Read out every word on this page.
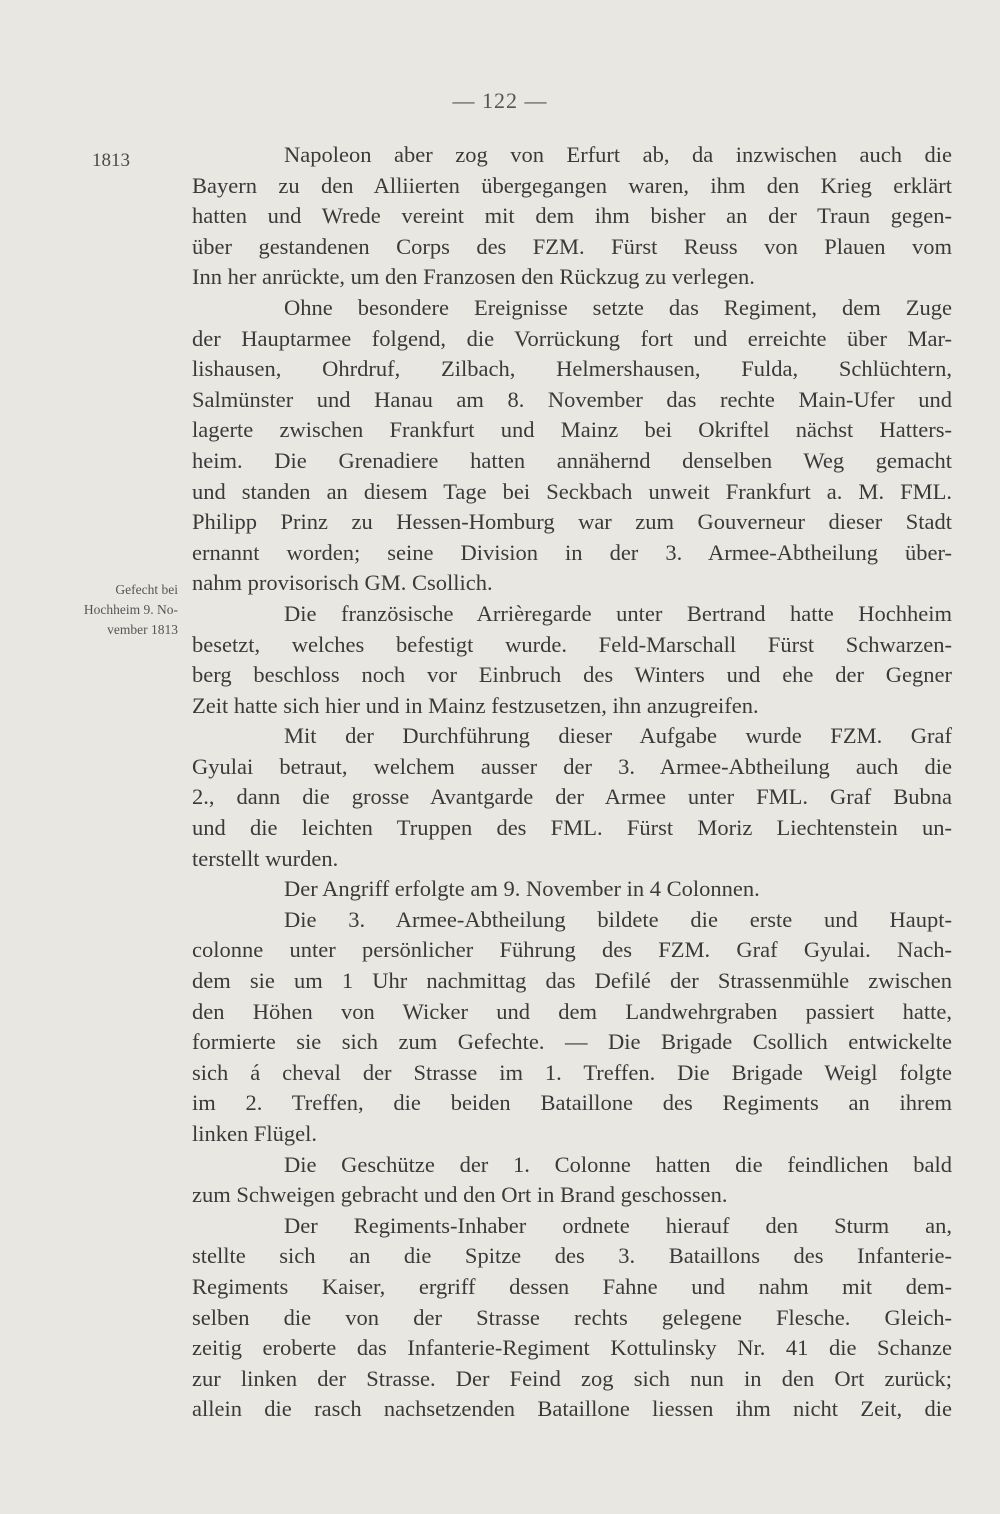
— 122 —
1813
Gefecht bei
Hochheim 9. No-
vember 1813

Napoleon aber zog von Erfurt ab, da inzwischen auch die
Bayern zu den Alliierten übergegangen waren, ihm den Krieg erklärt
hatten und Wrede vereint mit dem ihm bisher an der Traun gegen-
über gestandenen Corps des FZM. Fürst Reuss von Plauen vom
Inn her anrückte, um den Franzosen den Rückzug zu verlegen.

Ohne besondere Ereignisse setzte das Regiment, dem Zuge
der Hauptarmee folgend, die Vorrückung fort und erreichte über Mar-
lishausen, Ohrdruf, Zilbach, Helmershausen, Fulda, Schlüchtern,
Salmünster und Hanau am 8. November das rechte Main-Ufer und
lagerte zwischen Frankfurt und Mainz bei Okriftel nächst Hatters-
heim. Die Grenadiere hatten annähernd denselben Weg gemacht
und standen an diesem Tage bei Seckbach unweit Frankfurt a. M. FML.
Philipp Prinz zu Hessen-Homburg war zum Gouverneur dieser Stadt
ernannt worden; seine Division in der 3. Armee-Abtheilung über-
nahm provisorisch GM. Csollich.

Die französische Arrièregarde unter Bertrand hatte Hochheim
besetzt, welches befestigt wurde. Feld-Marschall Fürst Schwarzen-
berg beschloss noch vor Einbruch des Winters und ehe der Gegner
Zeit hatte sich hier und in Mainz festzusetzen, ihn anzugreifen.

Mit der Durchführung dieser Aufgabe wurde FZM. Graf
Gyulai betraut, welchem ausser der 3. Armee-Abtheilung auch die
2., dann die grosse Avantgarde der Armee unter FML. Graf Bubna
und die leichten Truppen des FML. Fürst Moriz Liechtenstein un-
terstellt wurden.

Der Angriff erfolgte am 9. November in 4 Colonnen.

Die 3. Armee-Abtheilung bildete die erste und Haupt-
colonne unter persönlicher Führung des FZM. Graf Gyulai. Nach-
dem sie um 1 Uhr nachmittag das Defilé der Strassenmühle zwischen
den Höhen von Wicker und dem Landwehrgraben passiert hatte,
formierte sie sich zum Gefechte. — Die Brigade Csollich entwickelte
sich á cheval der Strasse im 1. Treffen. Die Brigade Weigl folgte
im 2. Treffen, die beiden Bataillone des Regiments an ihrem
linken Flügel.

Die Geschütze der 1. Colonne hatten die feindlichen bald
zum Schweigen gebracht und den Ort in Brand geschossen.

Der Regiments-Inhaber ordnete hierauf den Sturm an,
stellte sich an die Spitze des 3. Bataillons des Infanterie-
Regiments Kaiser, ergriff dessen Fahne und nahm mit dem-
selben die von der Strasse rechts gelegene Flesche. Gleich-
zeitig eroberte das Infanterie-Regiment Kottulinsky Nr. 41 die Schanze
zur linken der Strasse. Der Feind zog sich nun in den Ort zurück;
allein die rasch nachsetzenden Bataillone liessen ihm nicht Zeit, die
